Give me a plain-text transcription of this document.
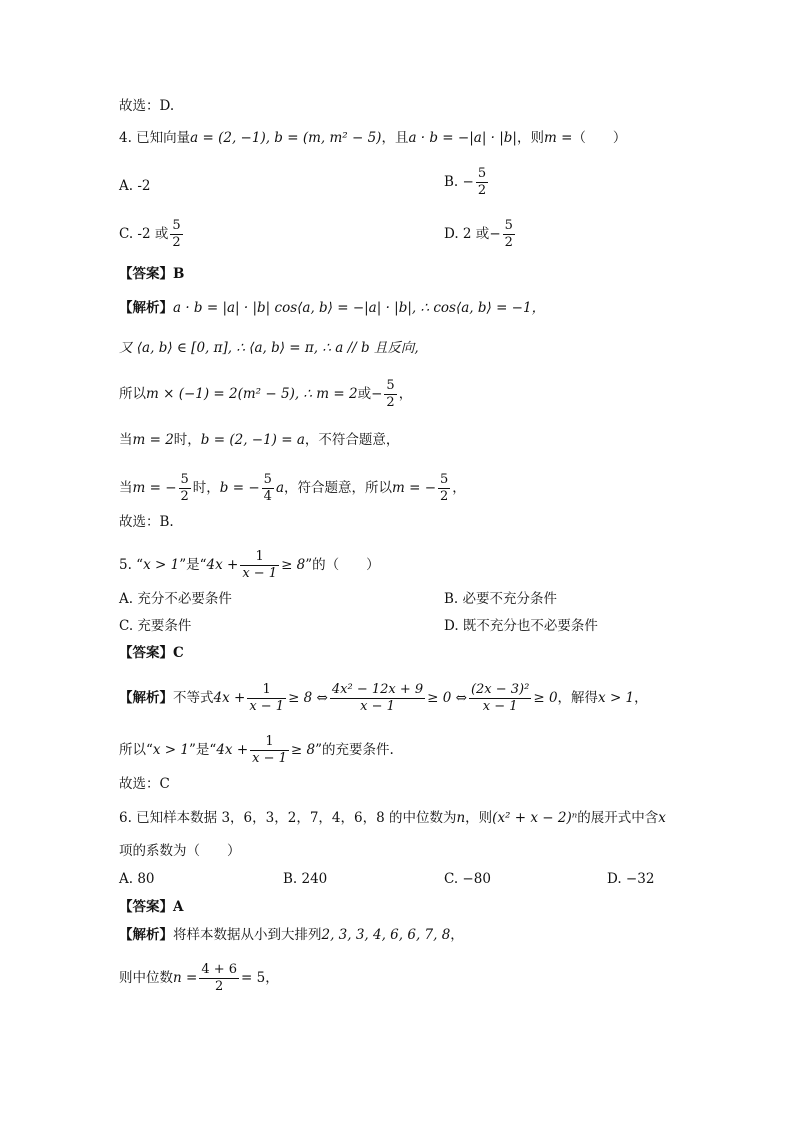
故选：D.
4. 已知向量a = (2, −1), b = (m, m² − 5)，且a · b = −|a| · |b|，则m =（　　）
A. -2	B. − $\frac{5}{2}$
C. -2 或 $\frac{5}{2}$	D. 2 或− $\frac{5}{2}$
【答案】B
【解析】a · b = |a| · |b| cos⟨a, b⟩ = −|a| · |b|, ∴ cos⟨a, b⟩ = −1，
又 ⟨a, b⟩ ∈ [0, π], ∴ ⟨a, b⟩ = π, ∴ a // b 且反向,
所以m × (−1) = 2(m² − 5), ∴ m = 2或− $\frac{5}{2}$ ，
当m = 2时，b = (2, −1) = a，不符合题意，
当m = − $\frac{5}{2}$ 时，b = − $\frac{5}{4}$ a，符合题意，所以m = − $\frac{5}{2}$ ，
故选：B.
5. “x > 1”是“$4x + \frac{1}{x - 1} \ge 8$”的（　　）
A. 充分不必要条件	B. 必要不充分条件
C. 充要条件	D. 既不充分也不必要条件
【答案】C
【解析】不等式$4x + \frac{1}{x - 1} \ge 8$ ⇔ $\frac{\text{4x² − 12x + 9}}{x - 1} \ge 0$ ⇔ $\frac{\text{(2x − 3)²}}{x - 1} \ge 0$，解得x > 1，
所以“x > 1”是“$4x + \frac{1}{x - 1} \ge 8$”的充要条件.
故选：C
6. 已知样本数据 3，6，3，2，7，4，6，8 的中位数为n，则(x² + x − 2)ⁿ的展开式中含x
项的系数为（　　）
A. 80	B. 240	C. −80	D. −32
【答案】A
【解析】将样本数据从小到大排列2, 3, 3, 4, 6, 6, 7, 8，
则中位数$n = \frac{4 + 6}{2} = 5$，
